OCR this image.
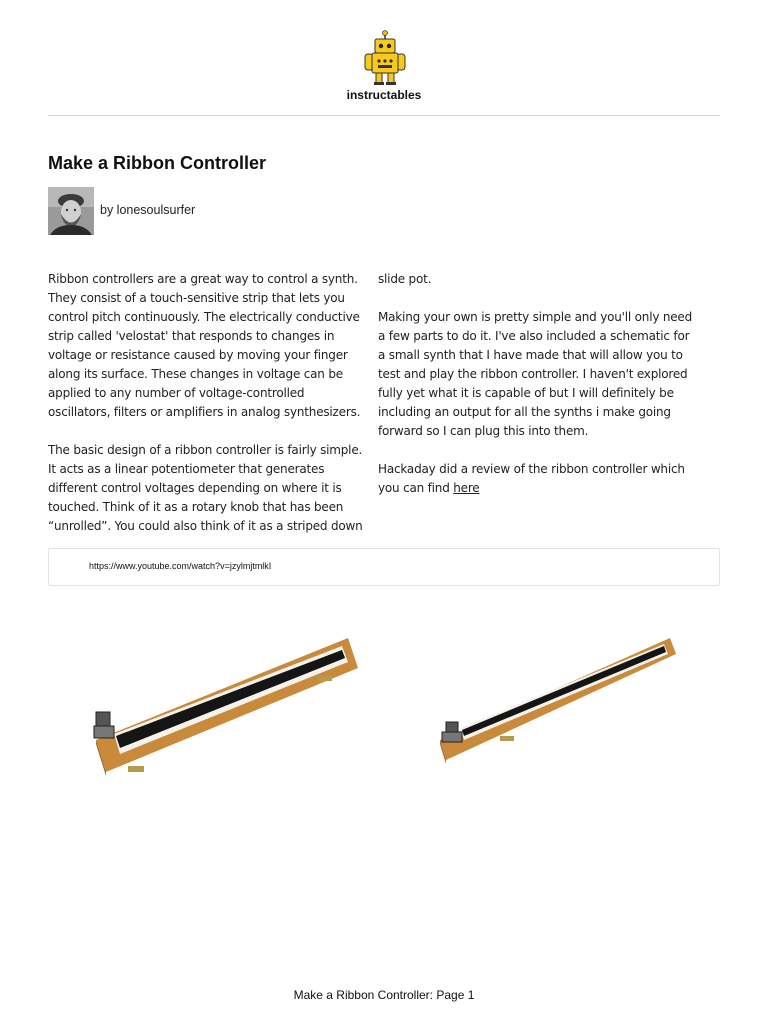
instructables
Make a Ribbon Controller
by lonesoulsurfer

Ribbon controllers are a great way to control a synth. They consist of a touch-sensitive strip that lets you control pitch continuously. The electrically conductive strip called 'velostat' that responds to changes in voltage or resistance caused by moving your finger along its surface. These changes in voltage can be applied to any number of voltage-controlled oscillators, filters or amplifiers in analog synthesizers.

The basic design of a ribbon controller is fairly simple. It acts as a linear potentiometer that generates different control voltages depending on where it is touched. Think of it as a rotary knob that has been “unrolled”. You could also think of it as a striped down

slide pot.

Making your own is pretty simple and you'll only need a few parts to do it. I've also included a schematic for a small synth that I have made that will allow you to test and play the ribbon controller. I haven't explored fully yet what it is capable of but I will definitely be including an output for all the synths i make going forward so I can plug this into them.

Hackaday did a review of the ribbon controller which you can find here

https://www.youtube.com/watch?v=jzylmjtmlkI
Make a Ribbon Controller: Page 1
